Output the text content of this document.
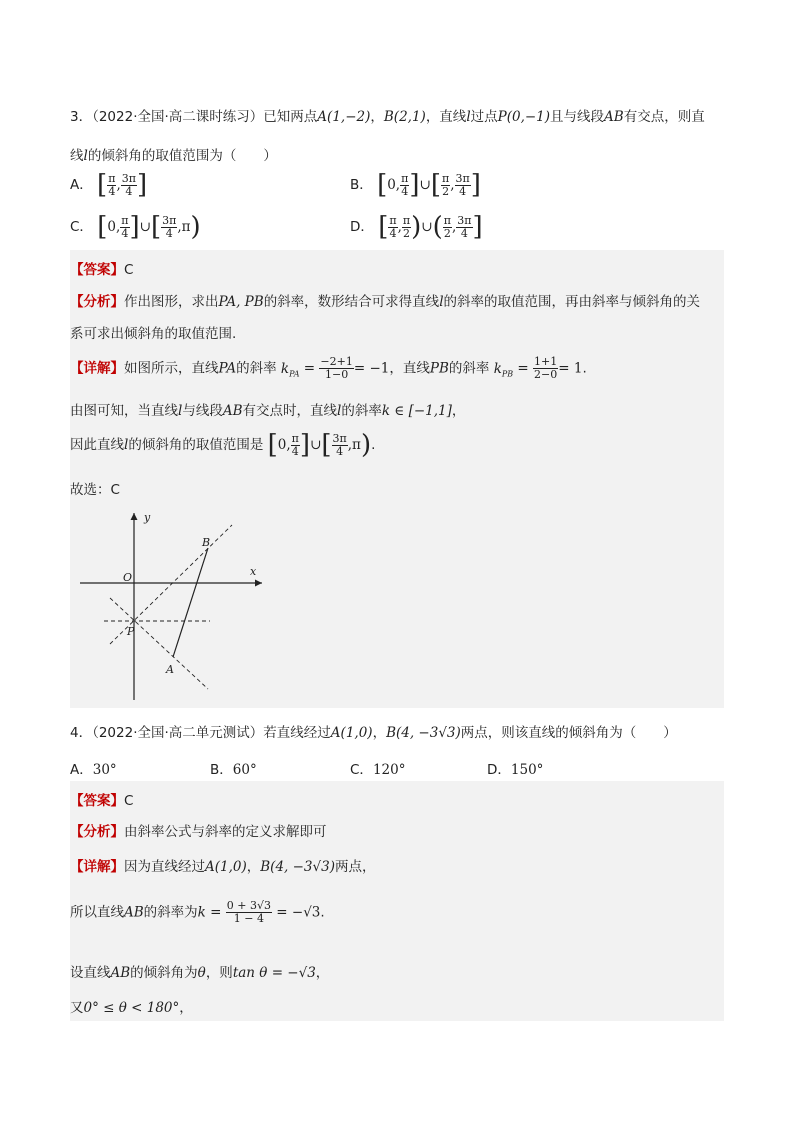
3．（2022·全国·高二课时练习）已知两点A(1,−2)，B(2,1)，直线l过点P(0,−1)且与线段AB有交点，则直
线l的倾斜角的取值范围为（　　）
A． [ $\frac{\pi}{4}$ , $\frac{3\pi}{4}$ ]	B． [0, $\frac{\pi}{4}$ ]∪[ $\frac{\pi}{2}$ , $\frac{3\pi}{4}$ ]
C． [0, $\frac{\pi}{4}$ ]∪[ $\frac{3\pi}{4} ,\pi$)	D． [ $\frac{\pi}{4}$ , $\frac{\pi}{2}$ )∪( $\frac{\pi}{2}$ , $\frac{3\pi}{4}$ ]
【答案】C
【分析】作出图形，求出PA, PB的斜率，数形结合可求得直线l的斜率的取值范围，再由斜率与倾斜角的关
系可求出倾斜角的取值范围.
【详解】如图所示，直线PA的斜率 $k_{PA} = \frac{-2+1}{1-0} = -1$，直线PB的斜率 $k_{PB} = \frac{1+1}{2-0} = 1$.
由图可知，当直线l与线段AB有交点时，直线l的斜率k ∈ [−1,1]，
因此直线l的倾斜角的取值范围是 [0, $\frac{\pi}{4}$ ]∪[ $\frac{3\pi}{4} ,\pi$).
故选：C
y
x
O
B
P
A
4．（2022·全国·高二单元测试）若直线经过A(1,0)，B(4, −3√3)两点，则该直线的倾斜角为（　　）
A．30°	B．60°	C．120°	D．150°
【答案】C
【分析】由斜率公式与斜率的定义求解即可
【详解】因为直线经过A(1,0)，B(4, −3√3)两点，
所以直线AB的斜率为$k = \frac{0 + 3√3}{1 - 4} = -√3$.
设直线AB的倾斜角为θ，则tan θ = −√3，
又0° ≤ θ < 180°，
